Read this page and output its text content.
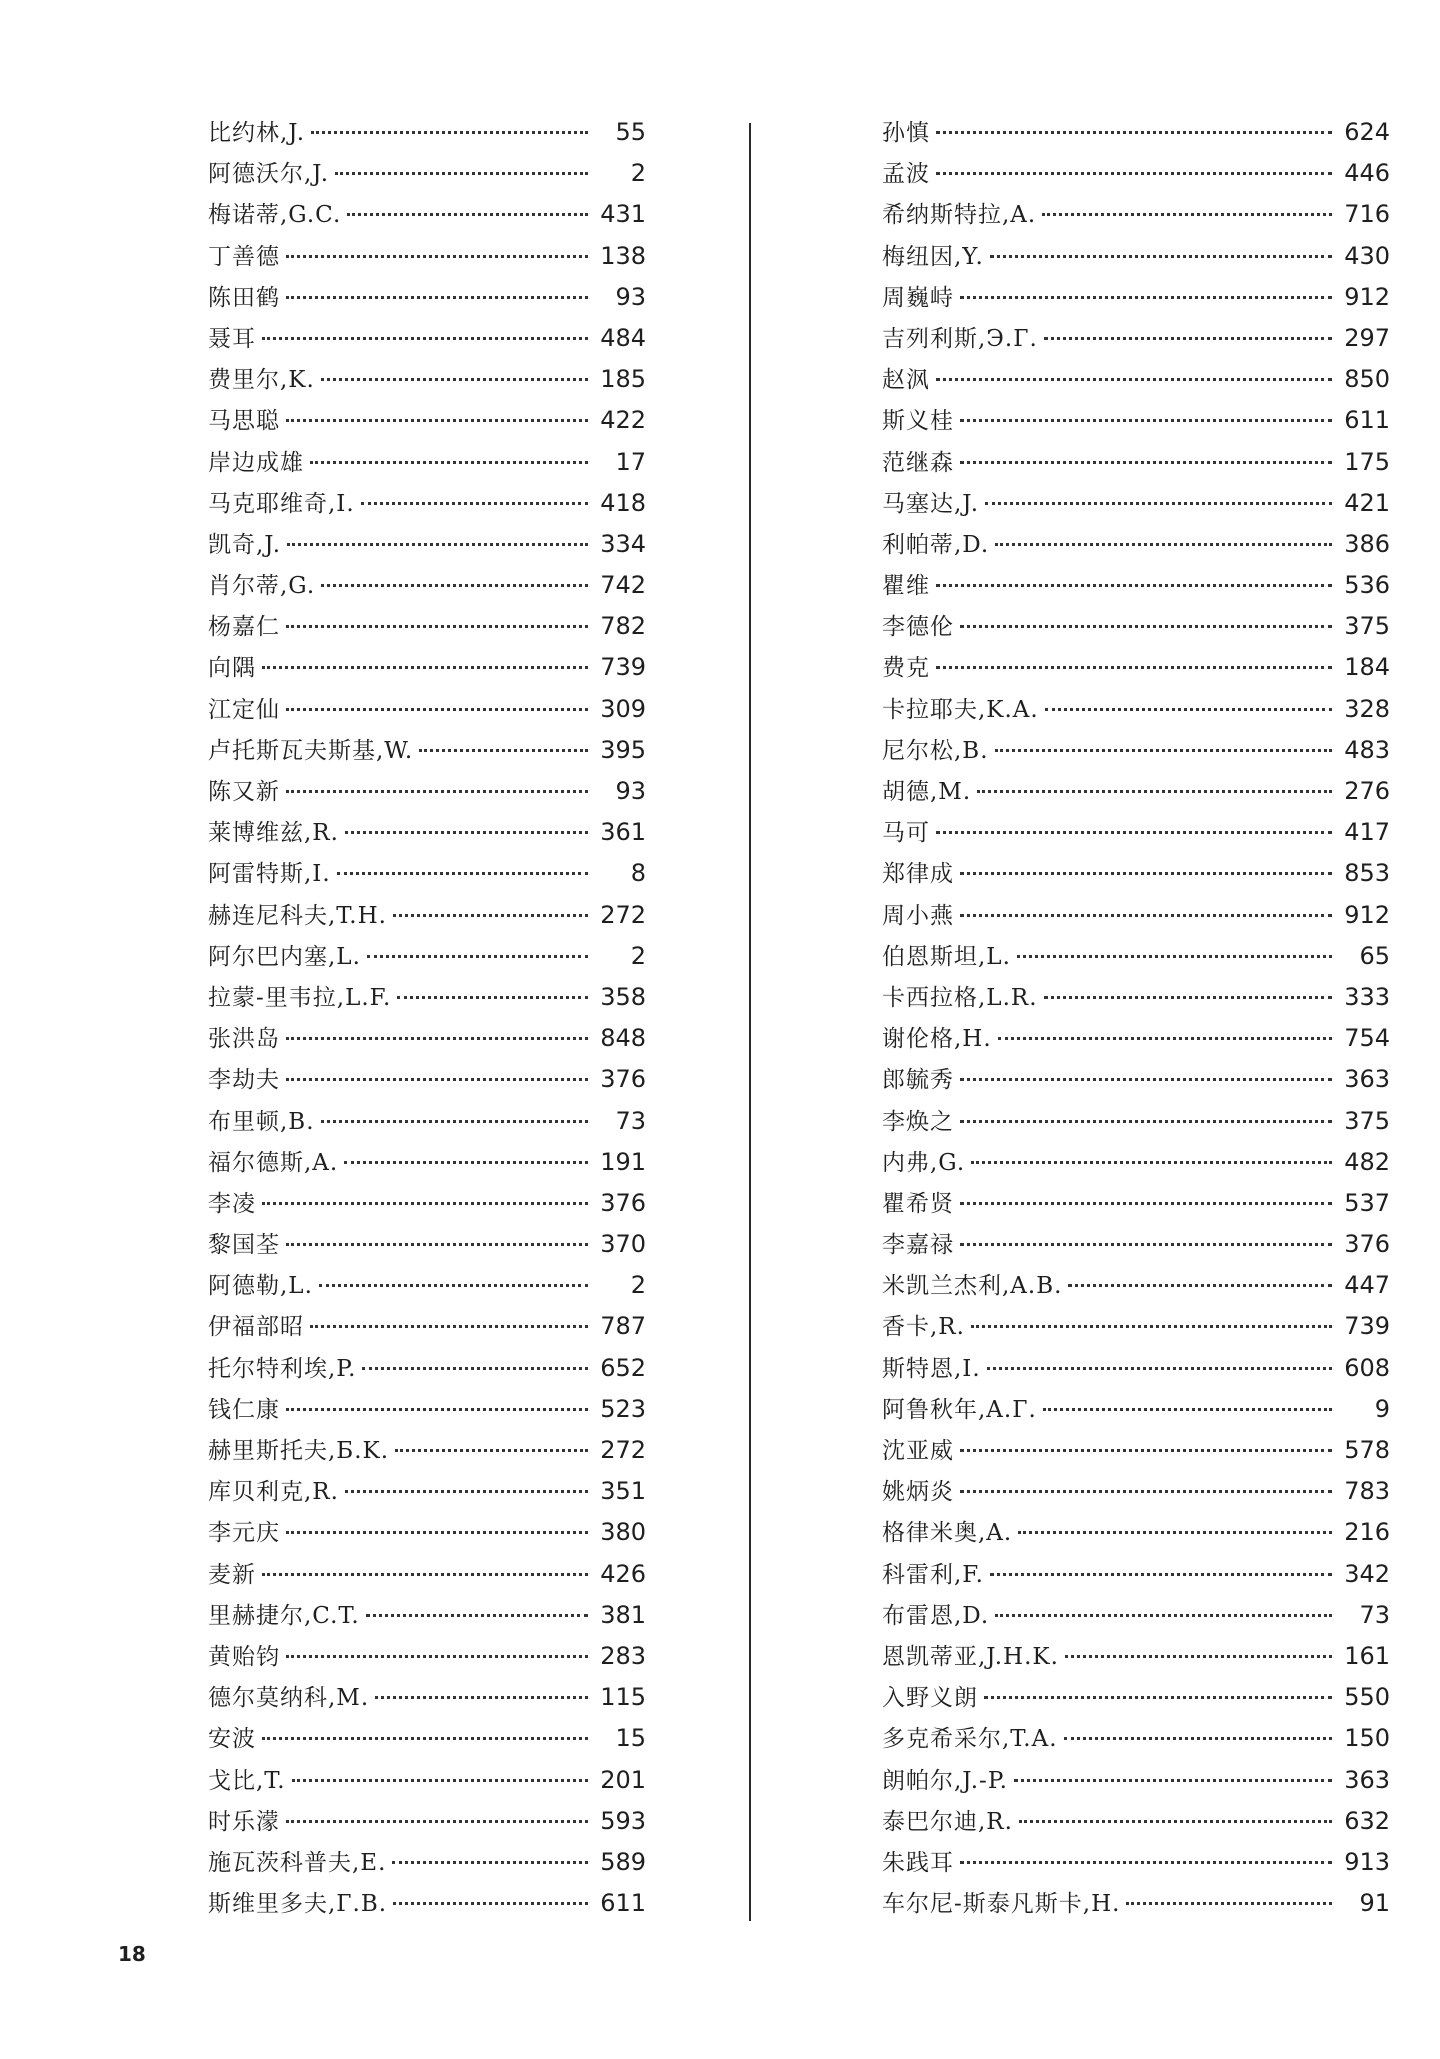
比约林,J.	55
阿德沃尔,J.	2
梅诺蒂,G.C.	431
丁善德	138
陈田鹤	93
聂耳	484
费里尔,K.	185
马思聪	422
岸边成雄	17
马克耶维奇,I.	418
凯奇,J.	334
肖尔蒂,G.	742
杨嘉仁	782
向隅	739
江定仙	309
卢托斯瓦夫斯基,W.	395
陈又新	93
莱博维兹,R.	361
阿雷特斯,I.	8
赫连尼科夫,T.H.	272
阿尔巴内塞,L.	2
拉蒙-里韦拉,L.F.	358
张洪岛	848
李劫夫	376
布里顿,B.	73
福尔德斯,A.	191
李凌	376
黎国荃	370
阿德勒,L.	2
伊福部昭	787
托尔特利埃,P.	652
钱仁康	523
赫里斯托夫,Б.K.	272
库贝利克,R.	351
李元庆	380
麦新	426
里赫捷尔,C.T.	381
黄贻钧	283
德尔莫纳科,M.	115
安波	15
戈比,T.	201
时乐濛	593
施瓦茨科普夫,E.	589
斯维里多夫,Г.B.	611
孙慎	624
孟波	446
希纳斯特拉,A.	716
梅纽因,Y.	430
周巍峙	912
吉列利斯,Э.Г.	297
赵沨	850
斯义桂	611
范继森	175
马塞达,J.	421
利帕蒂,D.	386
瞿维	536
李德伦	375
费克	184
卡拉耶夫,K.A.	328
尼尔松,B.	483
胡德,M.	276
马可	417
郑律成	853
周小燕	912
伯恩斯坦,L.	65
卡西拉格,L.R.	333
谢伦格,H.	754
郎毓秀	363
李焕之	375
内弗,G.	482
瞿希贤	537
李嘉禄	376
米凯兰杰利,A.B.	447
香卡,R.	739
斯特恩,I.	608
阿鲁秋年,A.Г.	9
沈亚威	578
姚炳炎	783
格律米奥,A.	216
科雷利,F.	342
布雷恩,D.	73
恩凯蒂亚,J.H.K.	161
入野义朗	550
多克希采尔,T.A.	150
朗帕尔,J.-P.	363
泰巴尔迪,R.	632
朱践耳	913
车尔尼-斯泰凡斯卡,H.	91
18
